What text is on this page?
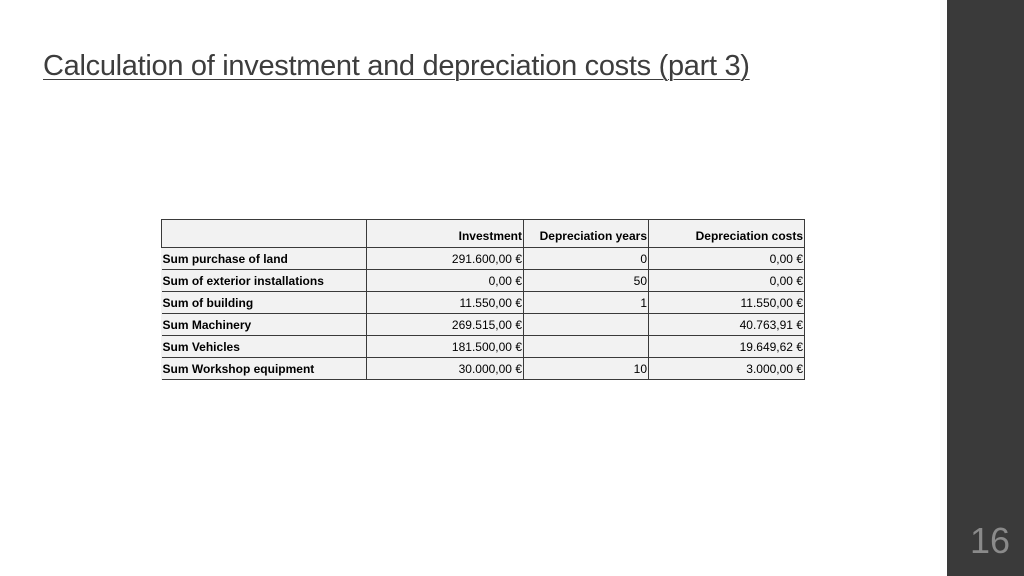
Calculation of investment and depreciation costs (part 3)
	Investment	Depreciation years	Depreciation costs
Sum purchase of land	291.600,00 €	0	0,00 €
Sum of exterior installations	0,00 €	50	0,00 €
Sum of building	11.550,00 €	1	11.550,00 €
Sum Machinery	269.515,00 €		40.763,91 €
Sum Vehicles	181.500,00 €		19.649,62 €
Sum Workshop equipment	30.000,00 €	10	3.000,00 €
16
